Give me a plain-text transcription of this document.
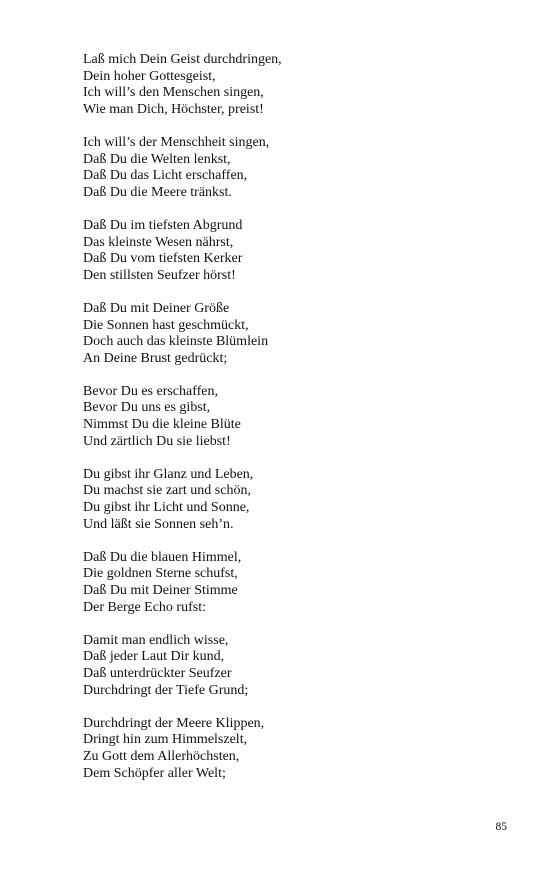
Laß mich Dein Geist durchdringen,
Dein hoher Gottesgeist,
Ich will’s den Menschen singen,
Wie man Dich, Höchster, preist!
Ich will’s der Menschheit singen,
Daß Du die Welten lenkst,
Daß Du das Licht erschaffen,
Daß Du die Meere tränkst.
Daß Du im tiefsten Abgrund
Das kleinste Wesen nährst,
Daß Du vom tiefsten Kerker
Den stillsten Seufzer hörst!
Daß Du mit Deiner Größe
Die Sonnen hast geschmückt,
Doch auch das kleinste Blümlein
An Deine Brust gedrückt;
Bevor Du es erschaffen,
Bevor Du uns es gibst,
Nimmst Du die kleine Blüte
Und zärtlich Du sie liebst!
Du gibst ihr Glanz und Leben,
Du machst sie zart und schön,
Du gibst ihr Licht und Sonne,
Und läßt sie Sonnen seh’n.
Daß Du die blauen Himmel,
Die goldnen Sterne schufst,
Daß Du mit Deiner Stimme
Der Berge Echo rufst:
Damit man endlich wisse,
Daß jeder Laut Dir kund,
Daß unterdrückter Seufzer
Durchdringt der Tiefe Grund;
Durchdringt der Meere Klippen,
Dringt hin zum Himmelszelt,
Zu Gott dem Allerhöchsten,
Dem Schöpfer aller Welt;
85
